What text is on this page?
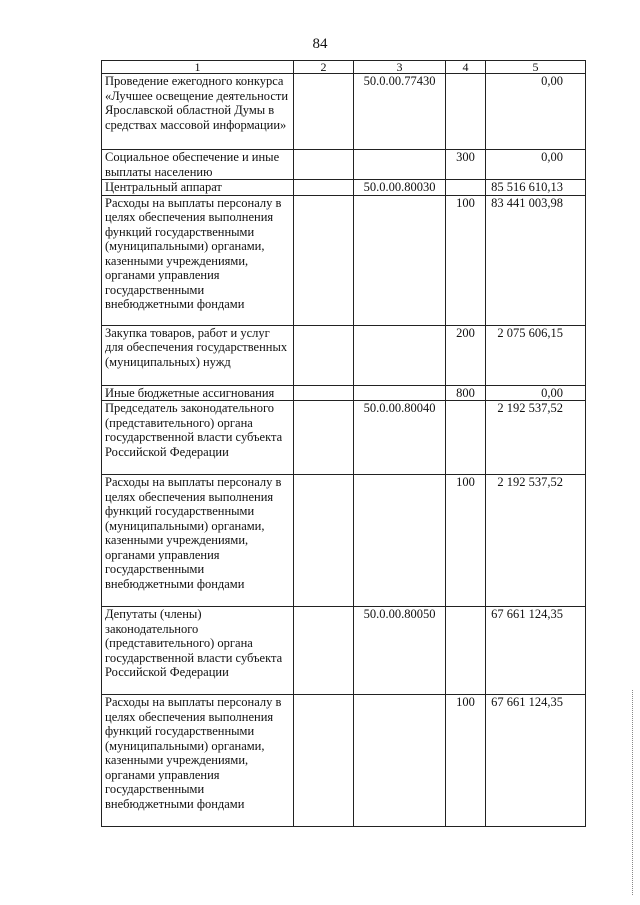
84
1	2	3	4	5
Проведение ежегодного конкурса «Лучшее освещение деятельности Ярославской областной Думы в средствах массовой информации»		50.0.00.77430		0,00
Социальное обеспечение и иные выплаты населению			300	0,00
Центральный аппарат		50.0.00.80030		85 516 610,13
Расходы на выплаты персоналу в целях обеспечения выполнения функций государственными (муниципальными) органами, казенными учреждениями, органами управления государственными внебюджетными фондами			100	83 441 003,98
Закупка товаров, работ и услуг для обеспечения государственных (муниципальных) нужд			200	2 075 606,15
Иные бюджетные ассигнования			800	0,00
Председатель законодательного (представительного) органа государственной власти субъекта Российской Федерации		50.0.00.80040		2 192 537,52
Расходы на выплаты персоналу в целях обеспечения выполнения функций государственными (муниципальными) органами, казенными учреждениями, органами управления государственными внебюджетными фондами			100	2 192 537,52
Депутаты (члены) законодательного (представительного) органа государственной власти субъекта Российской Федерации		50.0.00.80050		67 661 124,35
Расходы на выплаты персоналу в целях обеспечения выполнения функций государственными (муниципальными) органами, казенными учреждениями, органами управления государственными внебюджетными фондами			100	67 661 124,35
